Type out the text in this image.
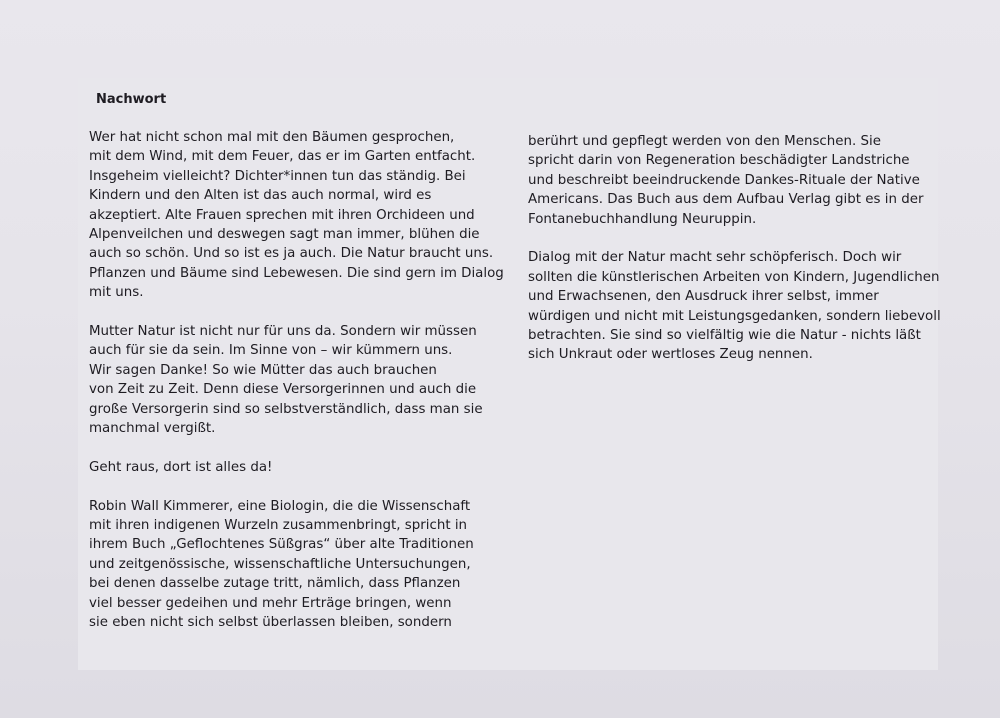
Nachwort
Wer hat nicht schon mal mit den Bäumen gesprochen,
mit dem Wind, mit dem Feuer, das er im Garten entfacht.
Insgeheim vielleicht? Dichter*innen tun das ständig. Bei
Kindern und den Alten ist das auch normal, wird es
akzeptiert. Alte Frauen sprechen mit ihren Orchideen und
Alpenveilchen und deswegen sagt man immer, blühen die
auch so schön. Und so ist es ja auch. Die Natur braucht uns.
Pflanzen und Bäume sind Lebewesen. Die sind gern im Dialog
mit uns.
Mutter Natur ist nicht nur für uns da. Sondern wir müssen
auch für sie da sein. Im Sinne von – wir kümmern uns.
Wir sagen Danke! So wie Mütter das auch brauchen
von Zeit zu Zeit. Denn diese Versorgerinnen und auch die
große Versorgerin sind so selbstverständlich, dass man sie
manchmal vergißt.
Geht raus, dort ist alles da!
Robin Wall Kimmerer, eine Biologin, die die Wissenschaft
mit ihren indigenen Wurzeln zusammenbringt, spricht in
ihrem Buch „Geflochtenes Süßgras“ über alte Traditionen
und zeitgenössische, wissenschaftliche Untersuchungen,
bei denen dasselbe zutage tritt, nämlich, dass Pflanzen
viel besser gedeihen und mehr Erträge bringen, wenn
sie eben nicht sich selbst überlassen bleiben, sondern
berührt und gepflegt werden von den Menschen. Sie
spricht darin von Regeneration beschädigter Landstriche
und beschreibt beeindruckende Dankes-Rituale der Native
Americans. Das Buch aus dem Aufbau Verlag gibt es in der
Fontanebuchhandlung Neuruppin.
Dialog mit der Natur macht sehr schöpferisch. Doch wir
sollten die künstlerischen Arbeiten von Kindern, Jugendlichen
und Erwachsenen, den Ausdruck ihrer selbst, immer
würdigen und nicht mit Leistungsgedanken, sondern liebevoll
betrachten. Sie sind so vielfältig wie die Natur - nichts läßt
sich Unkraut oder wertloses Zeug nennen.
